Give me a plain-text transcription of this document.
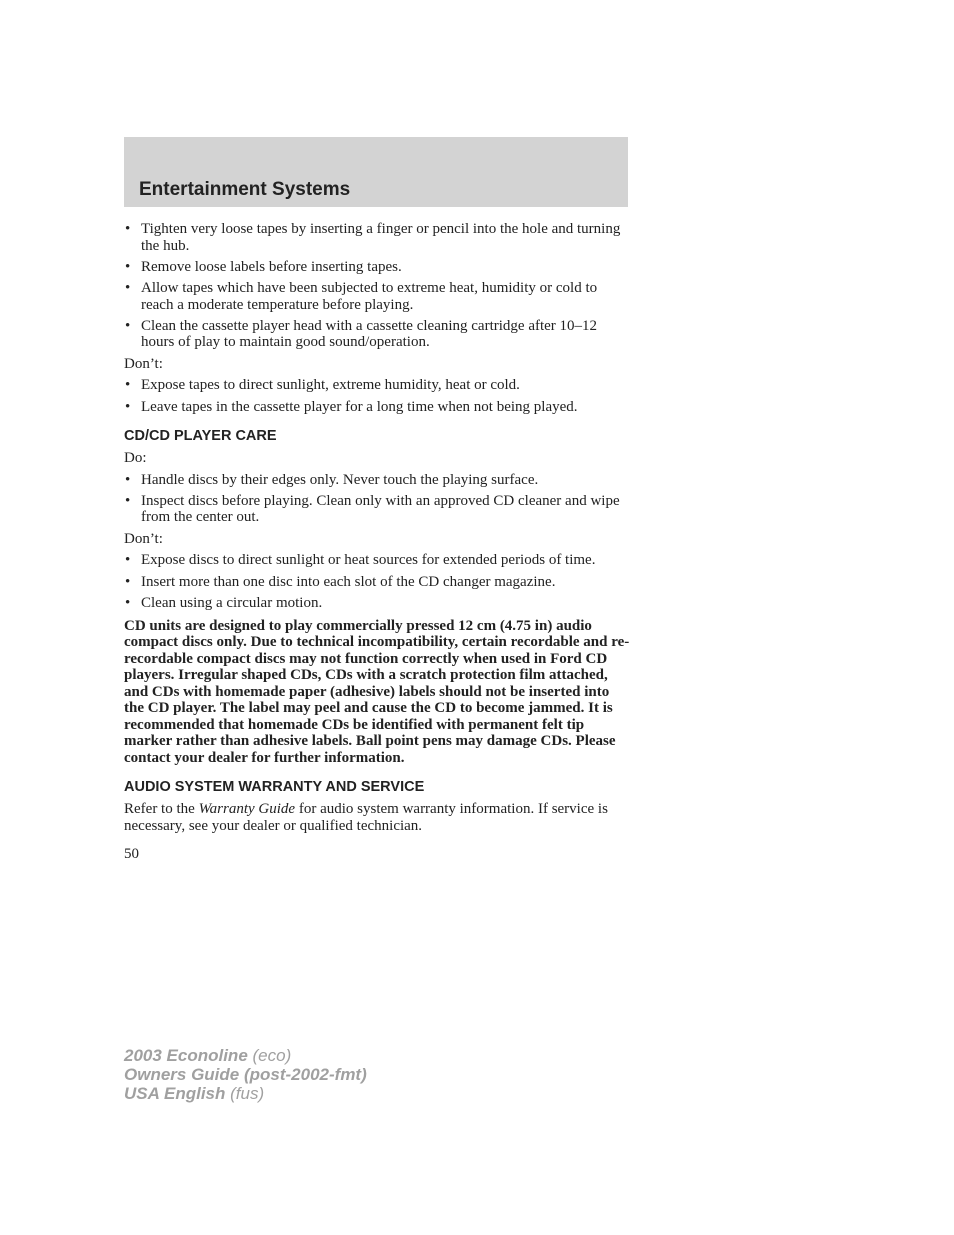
Entertainment Systems
• Tighten very loose tapes by inserting a finger or pencil into the hole and turning the hub.
• Remove loose labels before inserting tapes.
• Allow tapes which have been subjected to extreme heat, humidity or cold to reach a moderate temperature before playing.
• Clean the cassette player head with a cassette cleaning cartridge after 10–12 hours of play to maintain good sound/operation.

Don’t:

• Expose tapes to direct sunlight, extreme humidity, heat or cold.
• Leave tapes in the cassette player for a long time when not being played.
CD/CD PLAYER CARE

Do:

• Handle discs by their edges only. Never touch the playing surface.
• Inspect discs before playing. Clean only with an approved CD cleaner and wipe from the center out.

Don’t:

• Expose discs to direct sunlight or heat sources for extended periods of time.
• Insert more than one disc into each slot of the CD changer magazine.
• Clean using a circular motion.

CD units are designed to play commercially pressed 12 cm (4.75 in) audio compact discs only. Due to technical incompatibility, certain recordable and re-recordable compact discs may not function correctly when used in Ford CD players. Irregular shaped CDs, CDs with a scratch protection film attached, and CDs with homemade paper (adhesive) labels should not be inserted into the CD player. The label may peel and cause the CD to become jammed. It is recommended that homemade CDs be identified with permanent felt tip marker rather than adhesive labels. Ball point pens may damage CDs. Please contact your dealer for further information.

AUDIO SYSTEM WARRANTY AND SERVICE

Refer to the Warranty Guide for audio system warranty information. If service is necessary, see your dealer or qualified technician.

50

2003 Econoline (eco)
Owners Guide (post-2002-fmt)
USA English (fus)
